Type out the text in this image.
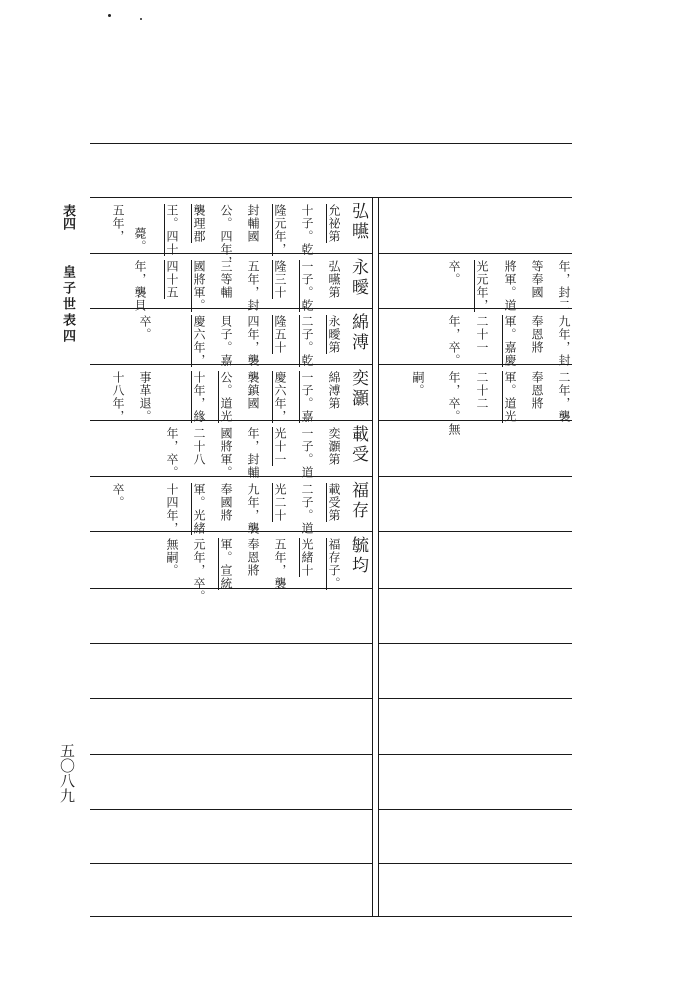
表四
皇子世表四
五〇八九
弘曣
允祕第
十子。乾
隆元年，
封輔國
公。四年，
襲理郡
王。四十
五年， 薨。
永曖
弘曣第
一子。乾
隆三十
五年，封
三等輔
國將軍。
四十五
年，襲貝
綿溥
永曖第
二子。乾
隆五十
四年，襲
貝子。嘉
慶六年，
卒。
奕灝
綿溥第
一子。嘉
慶六年，
襲鎮國
公。道光
十年，緣
事革退。
十八年，
載受
奕灝第
一子。道
光十一
年，封輔
國將軍。
二十八
年，卒。
福存
載受第
二子。道
光二十
九年，襲
奉國將
軍。光緒
十四年，
卒。
毓均
福存子。
光緒十
五年，襲
奉恩將
軍。宣統
元年，卒。
無嗣。
年，封二
等奉國
將軍。道
光元年，
卒。
九年，封
奉恩將
軍。嘉慶
二十一
年，卒。
二年，襲
奉恩將
軍。道光
二十二
年，卒。無
嗣。
